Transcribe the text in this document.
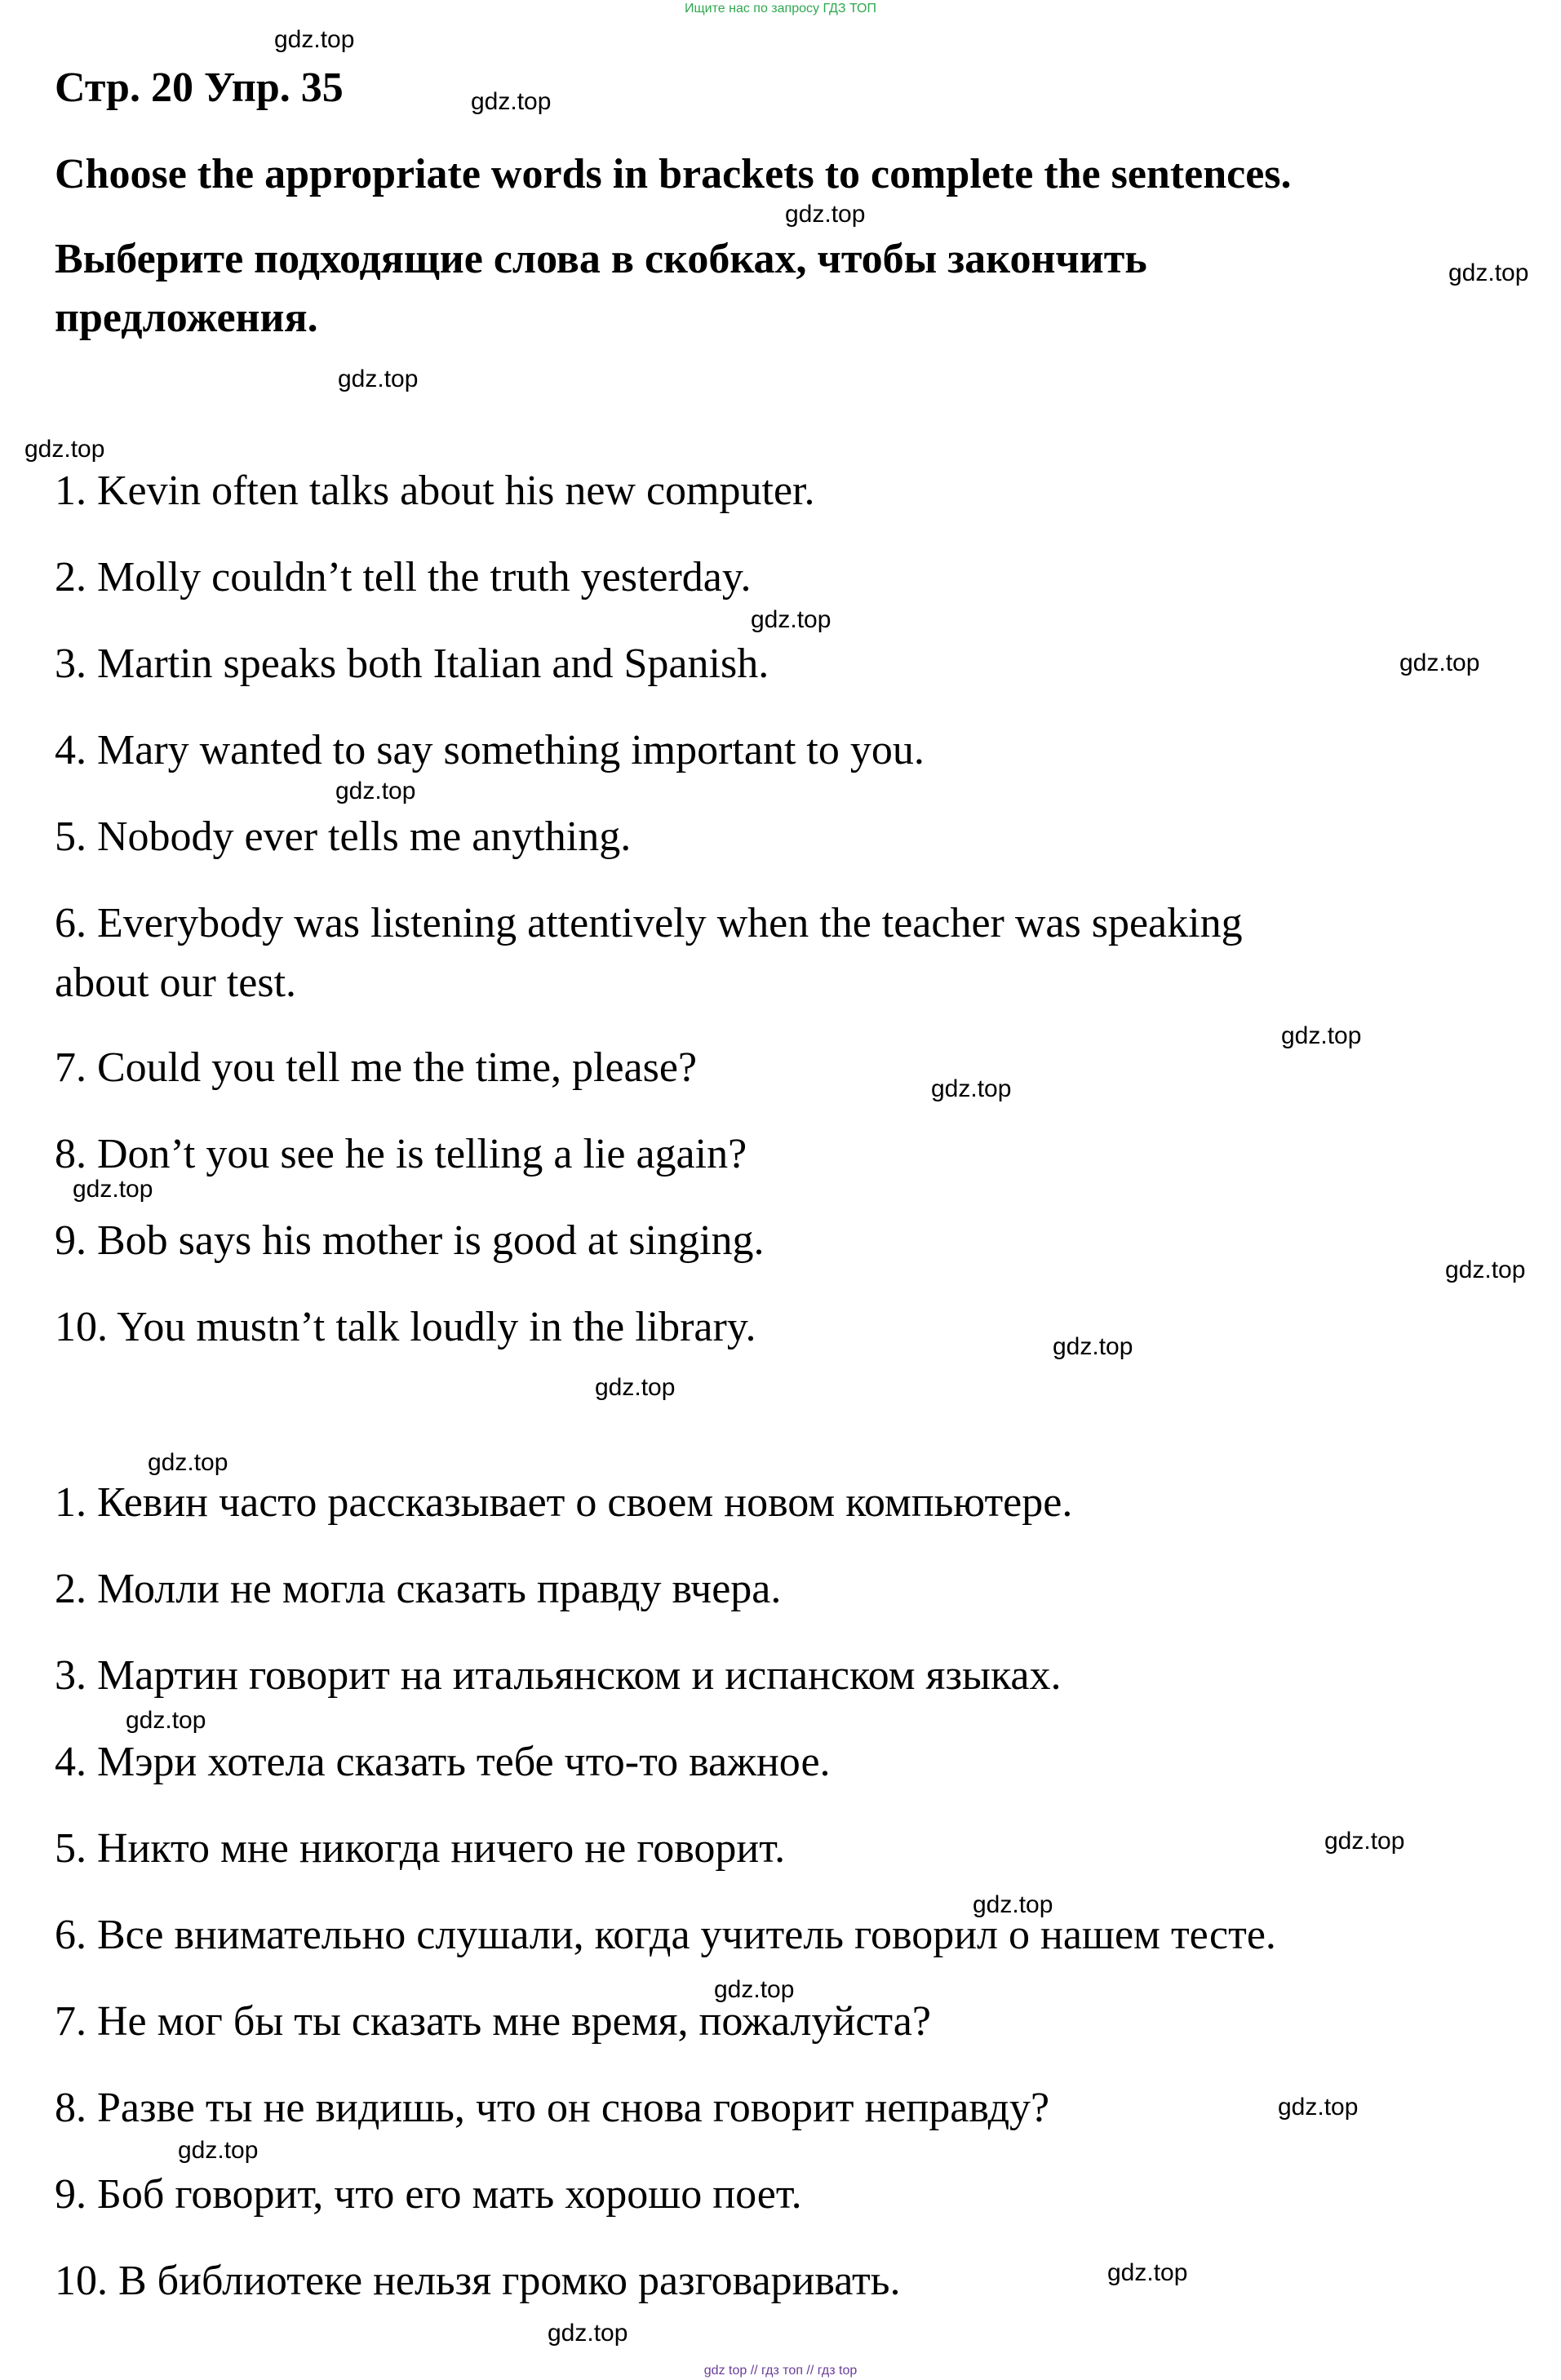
Ищите нас по запросу ГДЗ ТОП
Стр. 20 Упр. 35
Choose the appropriate words in brackets to complete the sentences.
Выберите подходящие слова в скобках, чтобы закончить
предложения.
1. Kevin often talks about his new computer.
2. Molly couldn’t tell the truth yesterday.
3. Martin speaks both Italian and Spanish.
4. Mary wanted to say something important to you.
5. Nobody ever tells me anything.
6. Everybody was listening attentively when the teacher was speaking
about our test.
7. Could you tell me the time, please?
8. Don’t you see he is telling a lie again?
9. Bob says his mother is good at singing.
10. You mustn’t talk loudly in the library.
1. Кевин часто рассказывает о своем новом компьютере.
2. Молли не могла сказать правду вчера.
3. Мартин говорит на итальянском и испанском языках.
4. Мэри хотела сказать тебе что-то важное.
5. Никто мне никогда ничего не говорит.
6. Все внимательно слушали, когда учитель говорил о нашем тесте.
7. Не мог бы ты сказать мне время, пожалуйста?
8. Разве ты не видишь, что он снова говорит неправду?
9. Боб говорит, что его мать хорошо поет.
10. В библиотеке нельзя громко разговаривать.
gdz.top
gdz.top
gdz.top
gdz.top
gdz.top
gdz.top
gdz.top
gdz.top
gdz.top
gdz.top
gdz.top
gdz.top
gdz.top
gdz.top
gdz.top
gdz.top
gdz.top
gdz.top
gdz.top
gdz.top
gdz.top
gdz.top
gdz.top
gdz.top
gdz top // гдз топ // гдз top
